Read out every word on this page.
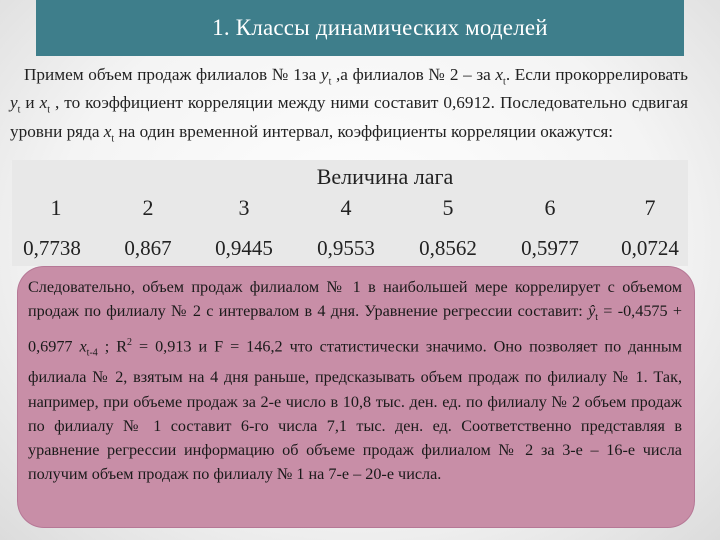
1. Классы динамических моделей
Примем объем продаж филиалов № 1за $y_t$ ,а филиалов № 2 – за $x_t$. Если прокоррелировать $y_t$ и $x_t$ , то коэффициент корреляции между ними составит 0,6912. Последовательно сдвигая уровни ряда $x_t$ на один временной интервал, коэффициенты корреляции окажутся:
Величина лага
1	2	3	4	5	6	7
0,7738	0,867	0,9445	0,9553	0,8562	0,5977	0,0724
Следовательно, объем продаж филиалом № 1 в наибольшей мере коррелирует с объемом продаж по филиалу № 2 с интервалом в 4 дня. Уравнение регрессии составит: $ŷ_t = -0,4575 + 0,6977$ $x_{t-4}$ ; $R^2 = 0,913$ и F = 146,2 что статистически значимо. Оно позволяет по данным филиала № 2, взятым на 4 дня раньше, предсказывать объем продаж по филиалу № 1. Так, например, при объеме продаж за 2-е число в 10,8 тыс. ден. ед. по филиалу № 2 объем продаж по филиалу № 1 составит 6-го числа 7,1 тыс. ден. ед. Соответственно представляя в уравнение регрессии информацию об объеме продаж филиалом № 2 за 3-е – 16-е числа получим объем продаж по филиалу № 1 на 7-е – 20-е числа.
